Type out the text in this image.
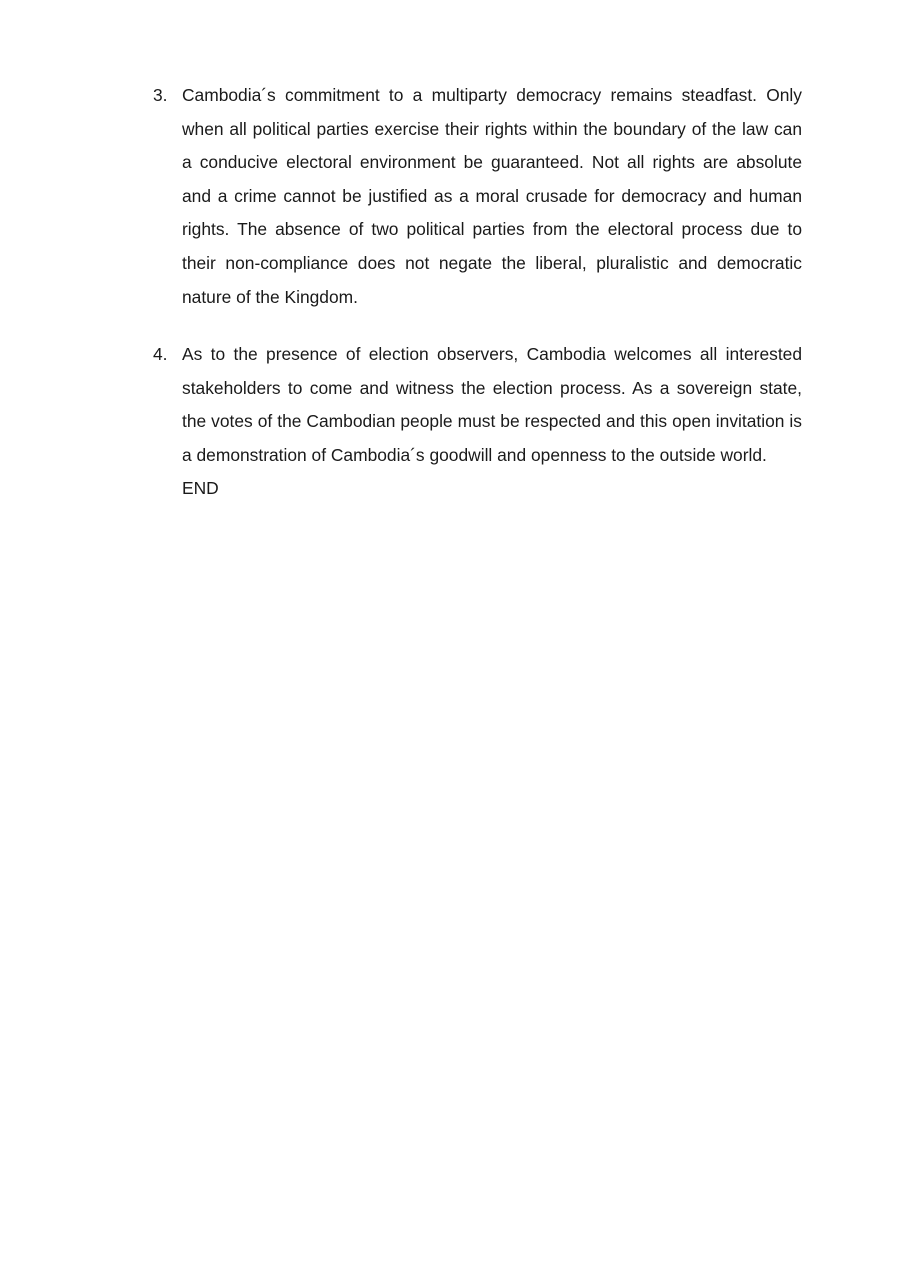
3. Cambodia´s commitment to a multiparty democracy remains steadfast. Only when all political parties exercise their rights within the boundary of the law can a conducive electoral environment be guaranteed. Not all rights are absolute and a crime cannot be justified as a moral crusade for democracy and human rights. The absence of two political parties from the electoral process due to their non-compliance does not negate the liberal, pluralistic and democratic nature of the Kingdom.
4. As to the presence of election observers, Cambodia welcomes all interested stakeholders to come and witness the election process. As a sovereign state, the votes of the Cambodian people must be respected and this open invitation is a demonstration of Cambodia´s goodwill and openness to the outside world.
END
